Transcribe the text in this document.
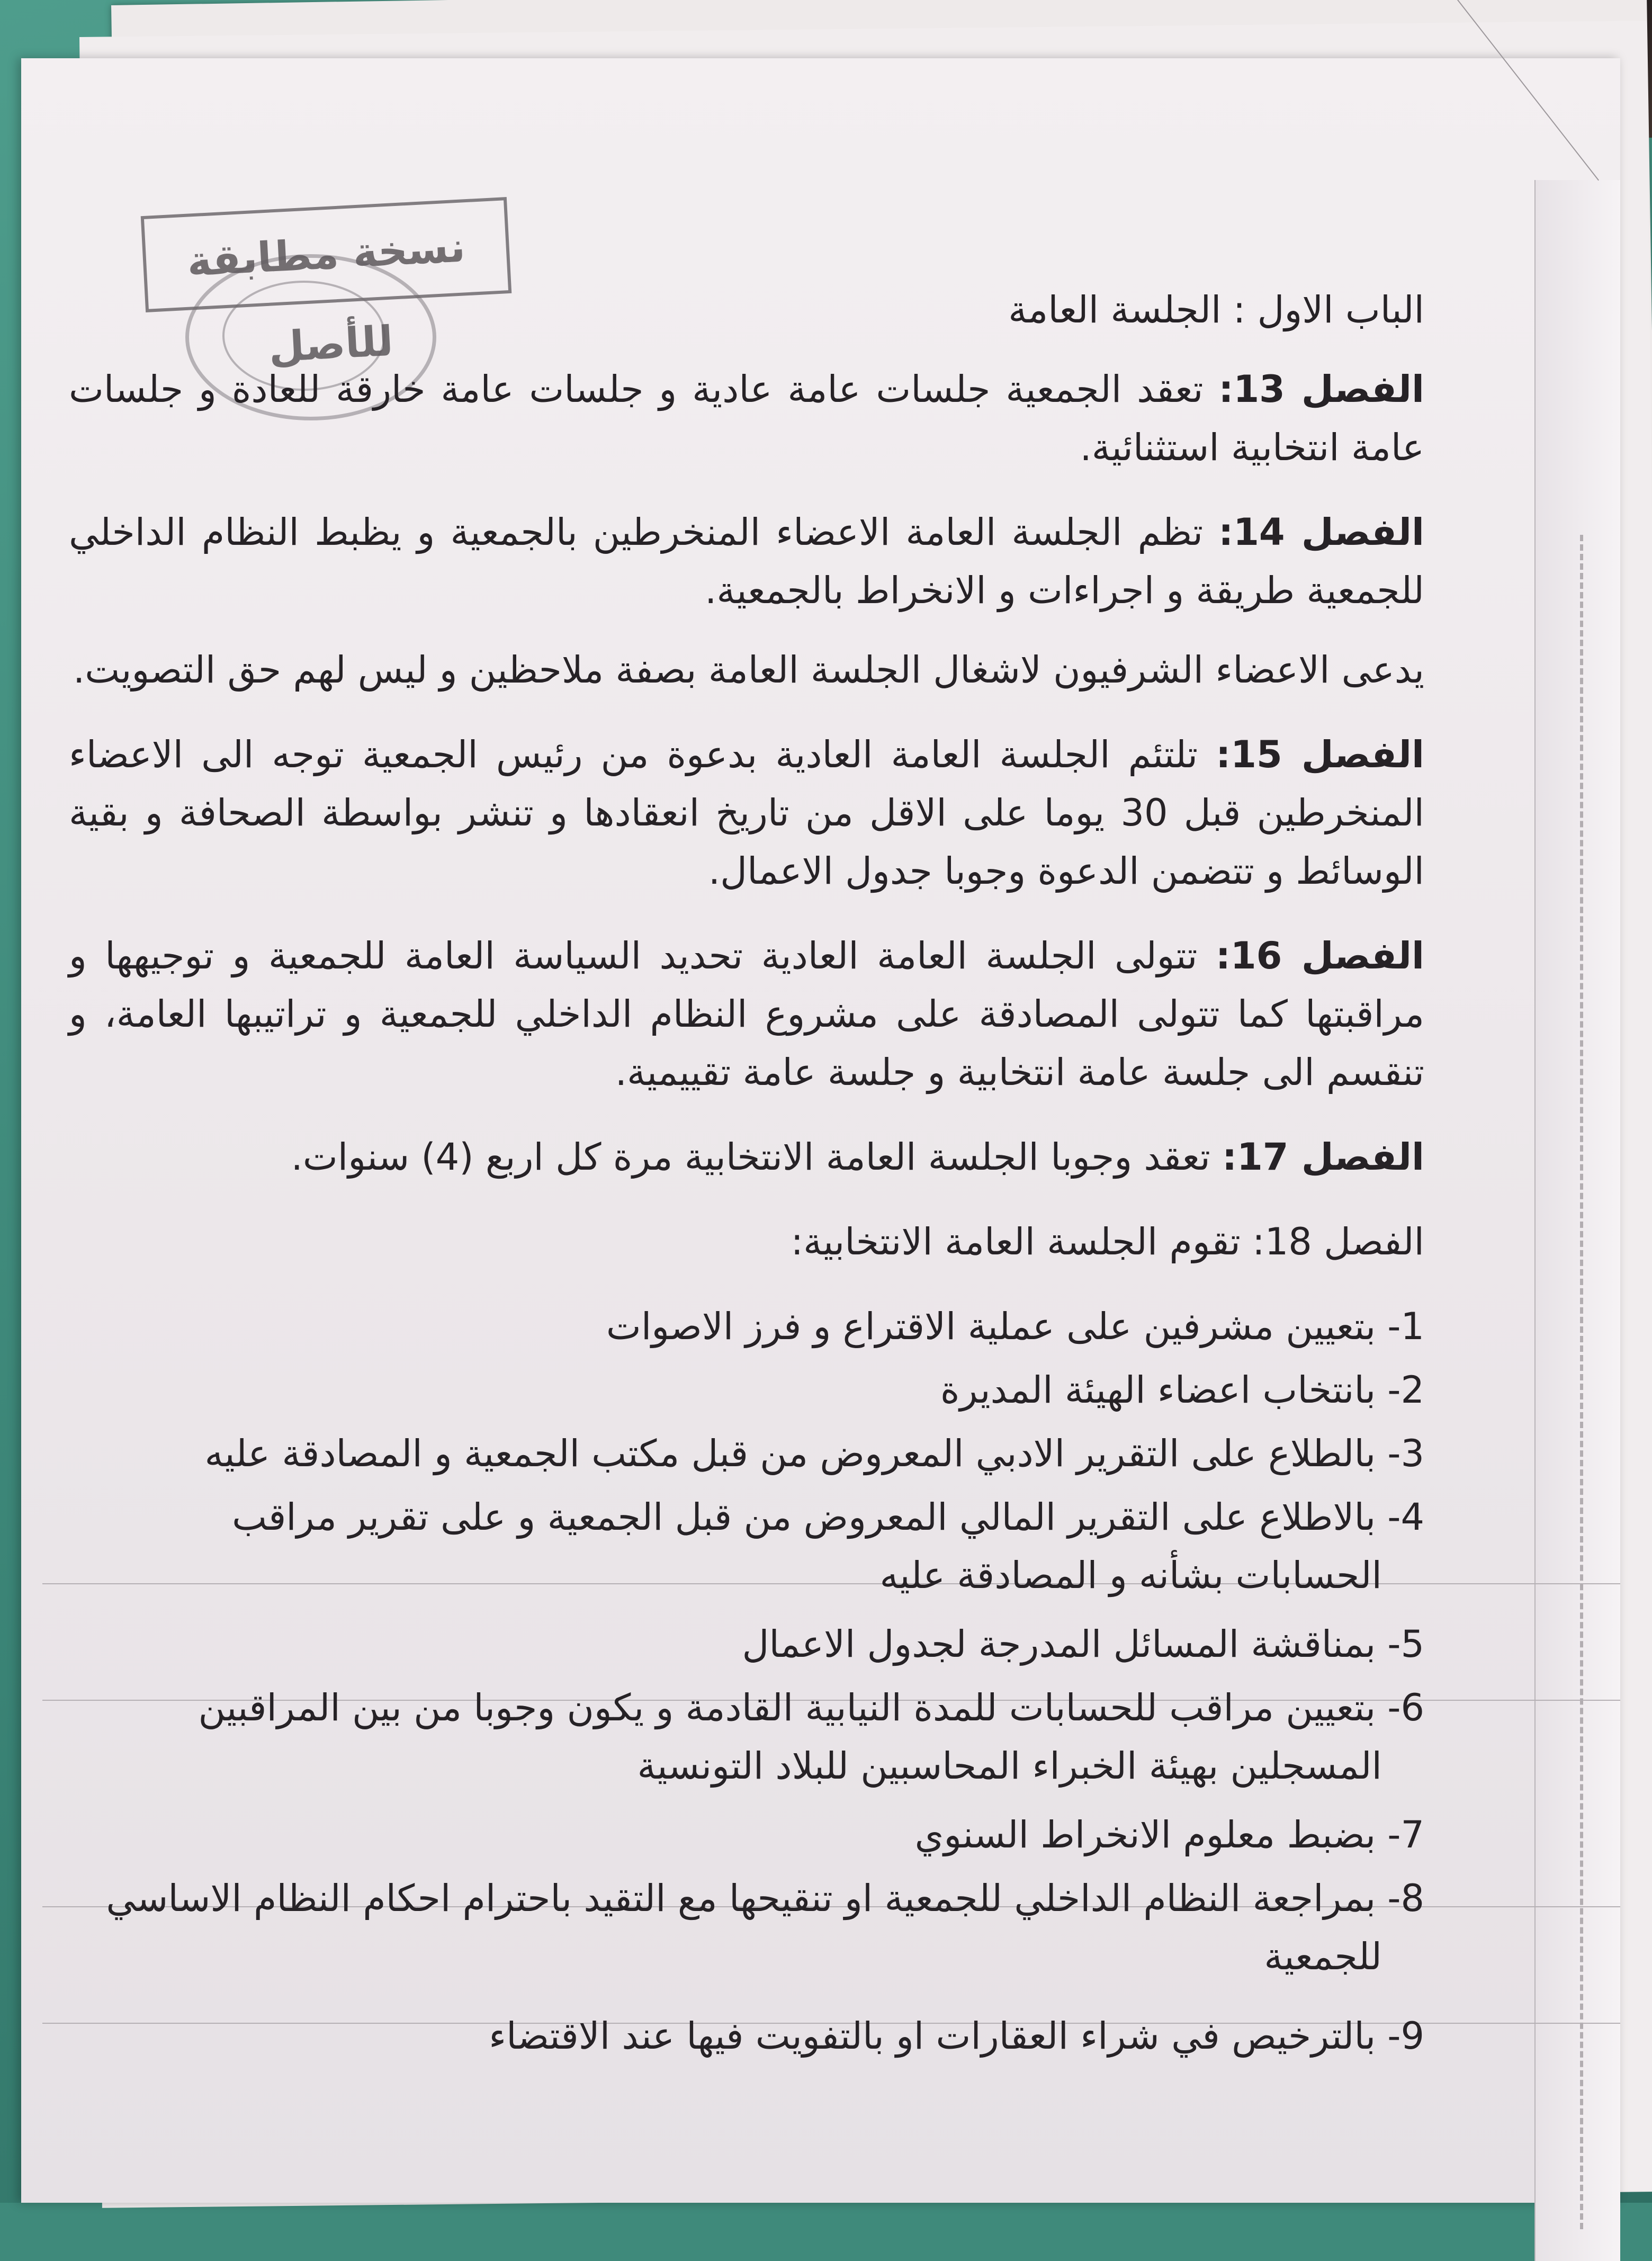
نسخة مطابقة للأصل
الباب الاول : الجلسة العامة
الفصل 13: تعقد الجمعية جلسات عامة عادية و جلسات عامة خارقة للعادة و جلسات عامة انتخابية استثنائية.
الفصل 14: تظم الجلسة العامة الاعضاء المنخرطين بالجمعية و يظبط النظام الداخلي للجمعية طريقة و اجراءات و الانخراط بالجمعية.
يدعى الاعضاء الشرفيون لاشغال الجلسة العامة بصفة ملاحظين و ليس لهم حق التصويت.
الفصل 15: تلتئم الجلسة العامة العادية بدعوة من رئيس الجمعية توجه الى الاعضاء المنخرطين قبل 30 يوما على الاقل من تاريخ انعقادها و تنشر بواسطة الصحافة و بقية الوسائط و تتضمن الدعوة وجوبا جدول الاعمال.
الفصل 16: تتولى الجلسة العامة العادية تحديد السياسة العامة للجمعية و توجيهها و مراقبتها كما تتولى المصادقة على مشروع النظام الداخلي للجمعية و تراتيبها العامة، و تنقسم الى جلسة عامة انتخابية و جلسة عامة تقييمية.
الفصل 17: تعقد وجوبا الجلسة العامة الانتخابية مرة كل اربع (4) سنوات.
الفصل 18: تقوم الجلسة العامة الانتخابية:
1-بتعيين مشرفين على عملية الاقتراع و فرز الاصوات
2-بانتخاب اعضاء الهيئة المديرة
3-بالطلاع على التقرير الادبي المعروض من قبل مكتب الجمعية و المصادقة عليه
4-بالاطلاع على التقرير المالي المعروض من قبل الجمعية و على تقرير مراقب
الحسابات بشأنه و المصادقة عليه
5-بمناقشة المسائل المدرجة لجدول الاعمال
6-بتعيين مراقب للحسابات للمدة النيابية القادمة و يكون وجوبا من بين المراقبين
المسجلين بهيئة الخبراء المحاسبين للبلاد التونسية
7-بضبط معلوم الانخراط السنوي
8-بمراجعة النظام الداخلي للجمعية او تنقيحها مع التقيد باحترام احكام النظام الاساسي
للجمعية
9-بالترخيص في شراء العقارات او بالتفويت فيها عند الاقتضاء
